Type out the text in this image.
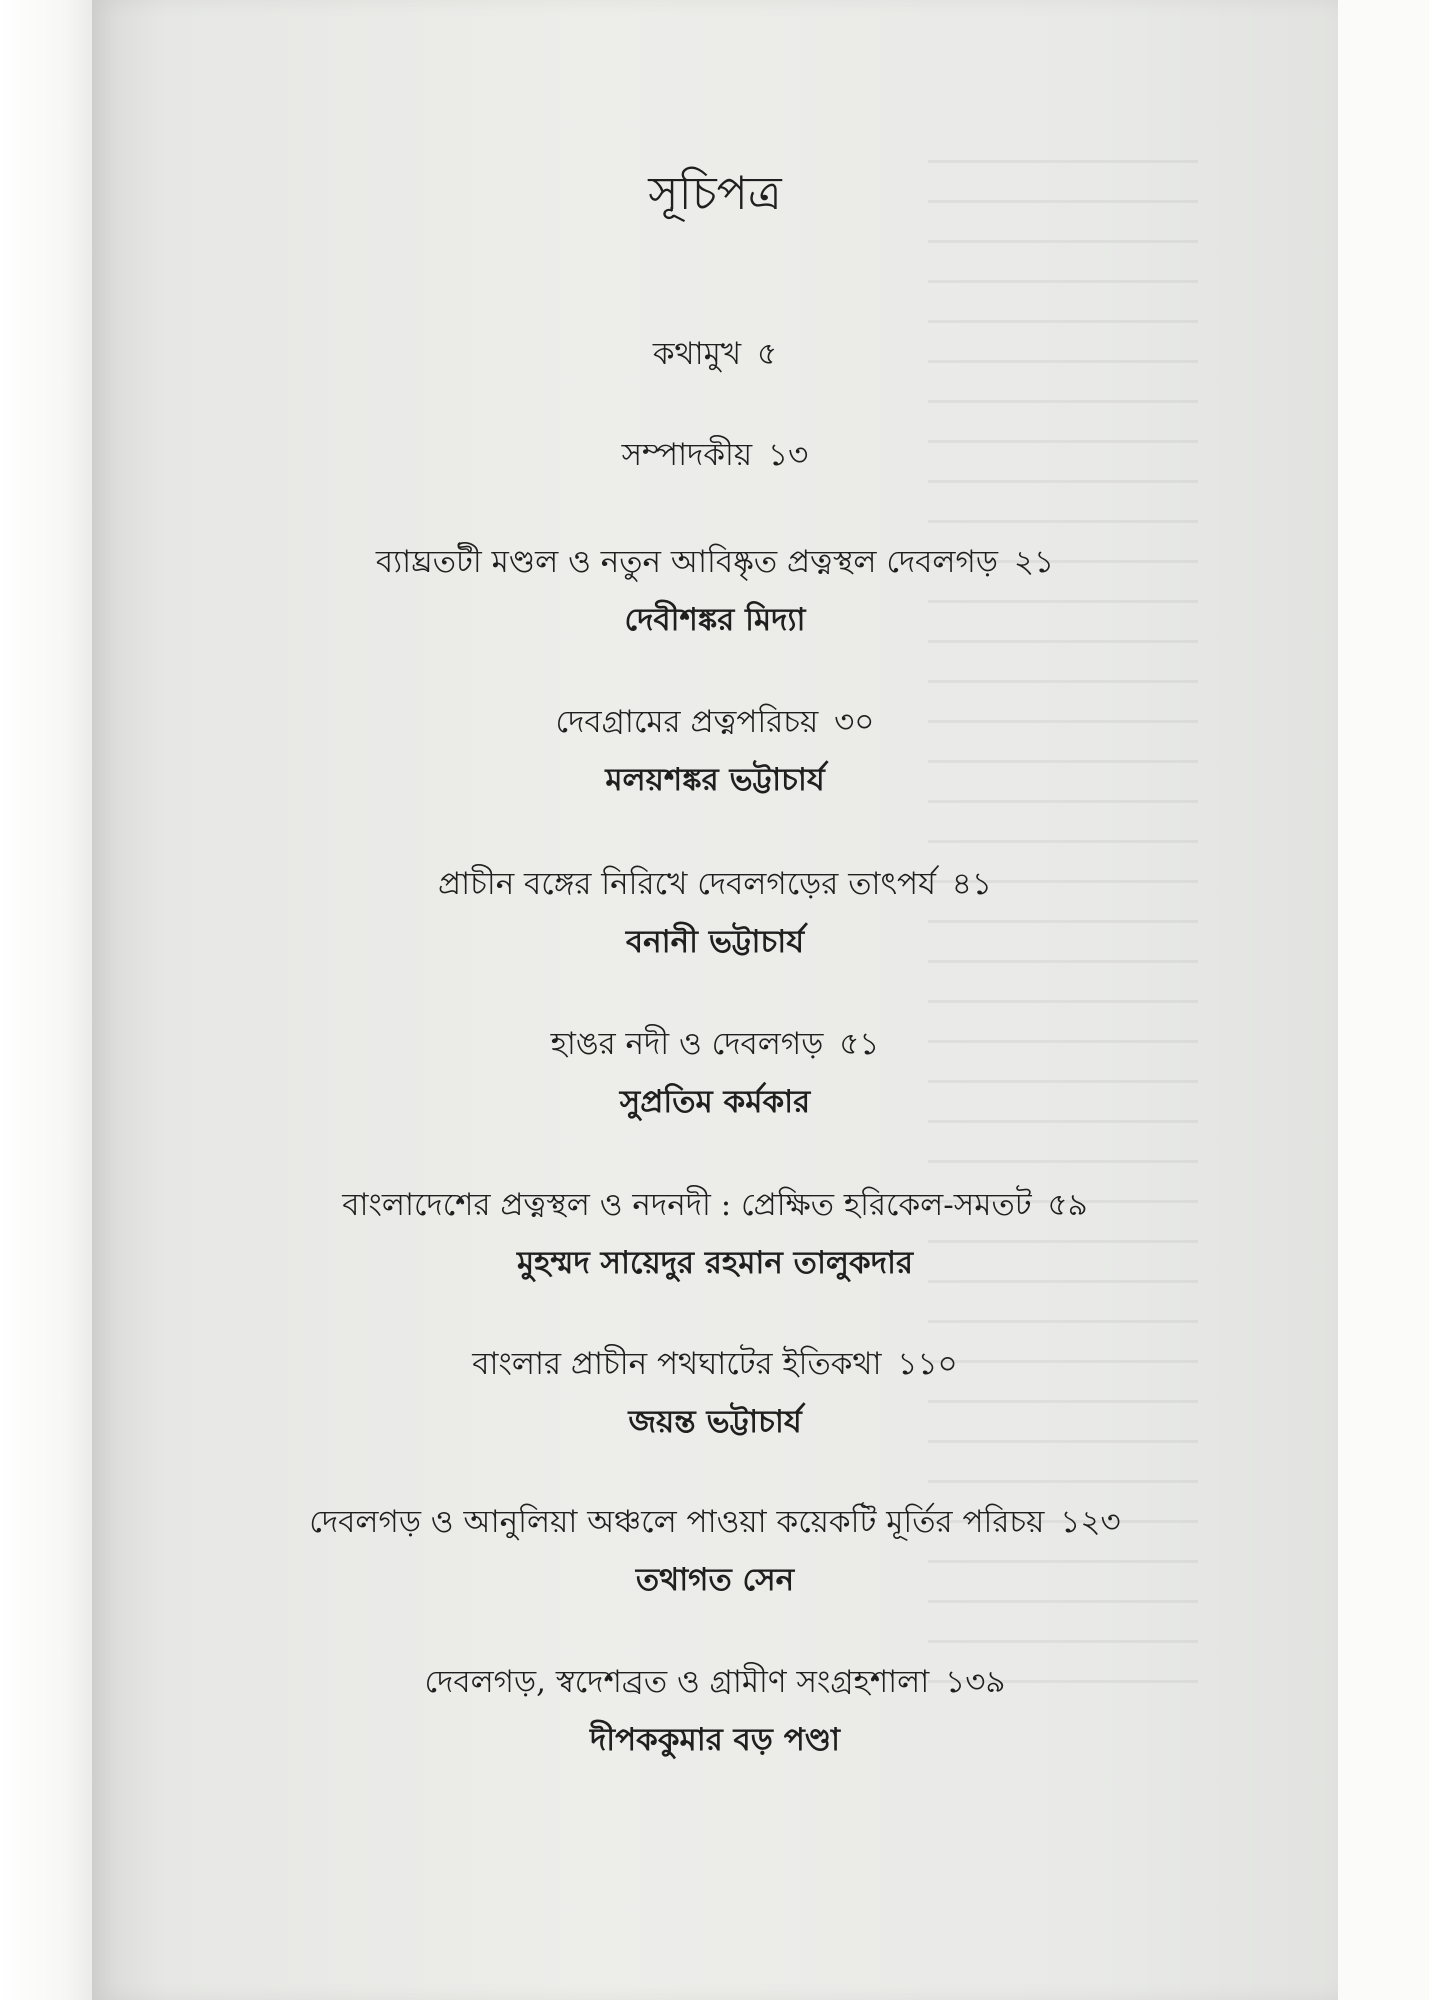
সূচিপত্র
কথামুখ ৫
সম্পাদকীয় ১৩
ব্যাঘ্রতটী মণ্ডল ও নতুন আবিষ্কৃত প্রত্নস্থল দেবলগড় ২১
দেবীশঙ্কর মিদ্যা
দেবগ্রামের প্রত্নপরিচয় ৩০
মলয়শঙ্কর ভট্টাচার্য
প্রাচীন বঙ্গের নিরিখে দেবলগড়ের তাৎপর্য ৪১
বনানী ভট্টাচার্য
হাঙর নদী ও দেবলগড় ৫১
সুপ্রতিম কর্মকার
বাংলাদেশের প্রত্নস্থল ও নদনদী : প্রেক্ষিত হরিকেল-সমতট ৫৯
মুহম্মদ সায়েদুর রহমান তালুকদার
বাংলার প্রাচীন পথঘাটের ইতিকথা ১১০
জয়ন্ত ভট্টাচার্য
দেবলগড় ও আনুলিয়া অঞ্চলে পাওয়া কয়েকটি মূর্তির পরিচয় ১২৩
তথাগত সেন
দেবলগড়, স্বদেশব্রত ও গ্রামীণ সংগ্রহশালা ১৩৯
দীপককুমার বড় পণ্ডা
